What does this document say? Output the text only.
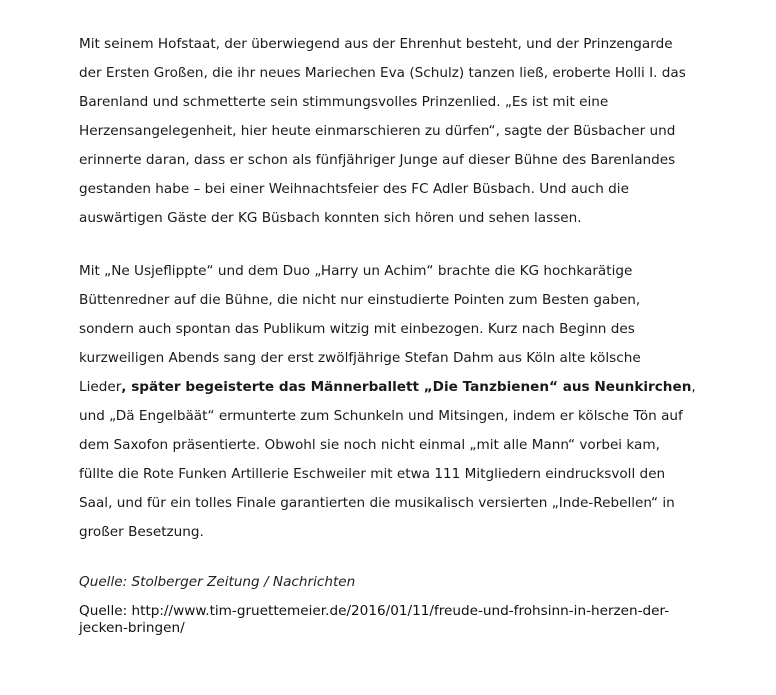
Mit seinem Hofstaat, der überwiegend aus der Ehrenhut besteht, und der Prinzengarde
der Ersten Großen, die ihr neues Mariechen Eva (Schulz) tanzen ließ, eroberte Holli I. das
Barenland und schmetterte sein stimmungsvolles Prinzenlied. „Es ist mit eine
Herzensangelegenheit, hier heute einmarschieren zu dürfen“, sagte der Büsbacher und
erinnerte daran, dass er schon als fünfjähriger Junge auf dieser Bühne des Barenlandes
gestanden habe – bei einer Weihnachtsfeier des FC Adler Büsbach. Und auch die
auswärtigen Gäste der KG Büsbach konnten sich hören und sehen lassen.

Mit „Ne Usjeflippte“ und dem Duo „Harry un Achim“ brachte die KG hochkarätige
Büttenredner auf die Bühne, die nicht nur einstudierte Pointen zum Besten gaben,
sondern auch spontan das Publikum witzig mit einbezogen. Kurz nach Beginn des
kurzweiligen Abends sang der erst zwölfjährige Stefan Dahm aus Köln alte kölsche
Lieder, später begeisterte das Männerballett „Die Tanzbienen“ aus Neunkirchen,
und „Dä Engelbäät“ ermunterte zum Schunkeln und Mitsingen, indem er kölsche Tön auf
dem Saxofon präsentierte. Obwohl sie noch nicht einmal „mit alle Mann“ vorbei kam,
füllte die Rote Funken Artillerie Eschweiler mit etwa 111 Mitgliedern eindrucksvoll den
Saal, und für ein tolles Finale garantierten die musikalisch versierten „Inde-Rebellen“ in
großer Besetzung.

Quelle: Stolberger Zeitung / Nachrichten

Quelle: http://www.tim-gruettemeier.de/2016/01/11/freude-und-frohsinn-in-herzen-der-
jecken-bringen/
